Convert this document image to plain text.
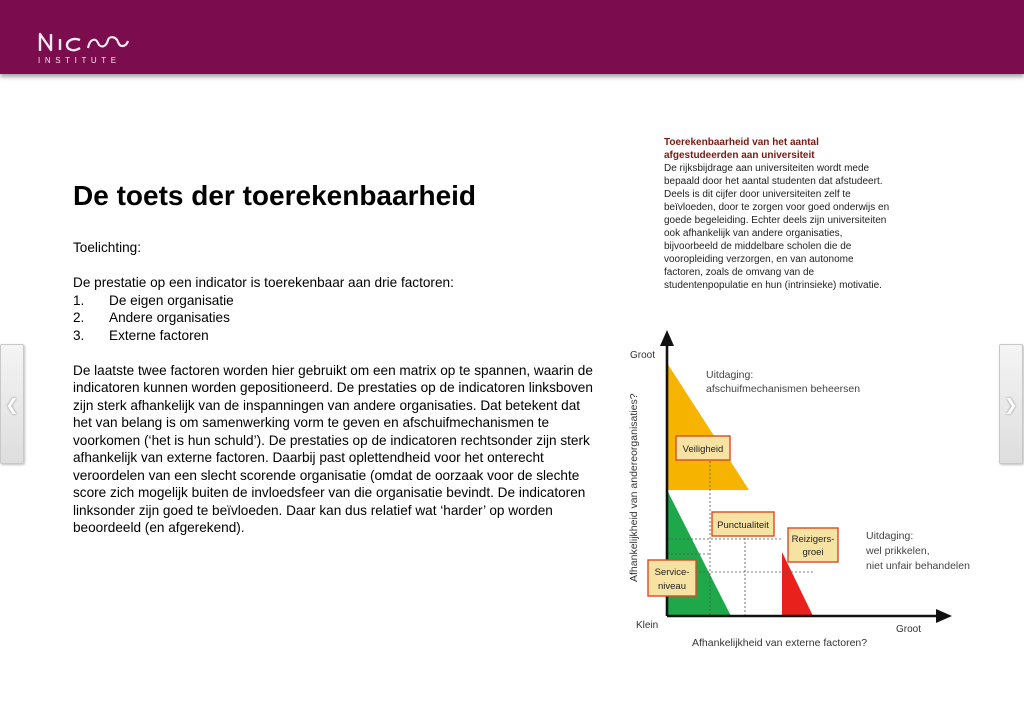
INSTITUTE
❮	❯
De toets der toerekenbaarheid

Toelichting:

De prestatie op een indicator is toerekenbaar aan drie factoren:

1.	De eigen organisatie
2.	Andere organisaties
3.	Externe factoren

De laatste twee factoren worden hier gebruikt om een matrix op te spannen, waarin de indicatoren kunnen worden gepositioneerd. De prestaties op de indicatoren linksboven zijn sterk afhankelijk van de inspanningen van andere organisaties. Dat betekent dat het van belang is om samenwerking vorm te geven en afschuifmechanismen te voorkomen (‘het is hun schuld’). De prestaties op de indicatoren rechtsonder zijn sterk afhankelijk van externe factoren. Daarbij past oplettendheid voor het onterecht veroordelen van een slecht scorende organisatie (omdat de oorzaak voor de slechte score zich mogelijk buiten de invloedsfeer van die organisatie bevindt. De indicatoren linksonder zijn goed te beïvloeden. Daar kan dus relatief wat ‘harder’ op worden beoordeeld (en afgerekend).

Toerekenbaarheid van het aantal
afgestudeerden aan universiteit
De rijksbijdrage aan universiteiten wordt mede
bepaald door het aantal studenten dat afstudeert.
Deels is dit cijfer door universiteiten zelf te
beïvloeden, door te zorgen voor goed onderwijs en
goede begeleiding. Echter deels zijn universiteiten
ook afhankelijk van andere organisaties,
bijvoorbeeld de middelbare scholen die de
vooropleiding verzorgen, en van autonome
factoren, zoals de omvang van de
studentenpopulatie en hun (intrinsieke) motivatie.
Groot
Klein	Groot
Afhankelijkheid van andereorganisaties?
Afhankelijkheid van externe factoren?
Uitdaging:
afschuifmechanismen beheersen
Uitdaging:
wel prikkelen,
niet unfair behandelen
Veiligheid
Punctualiteit
Reizigers-
groei
Service-
niveau
